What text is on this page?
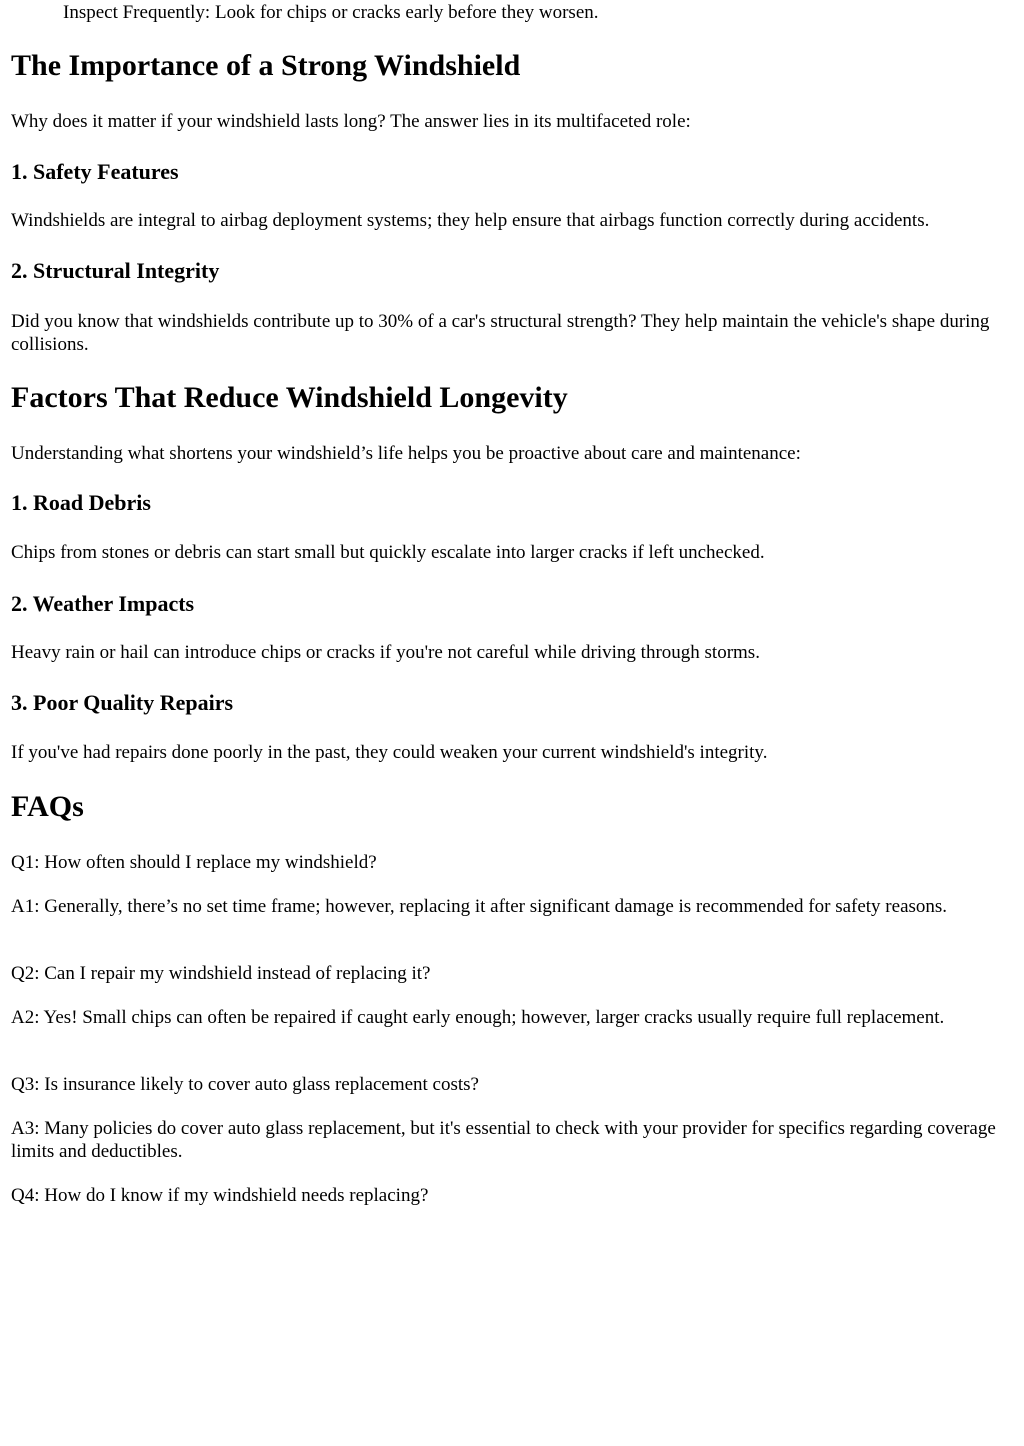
Inspect Frequently: Look for chips or cracks early before they worsen.

The Importance of a Strong Windshield

Why does it matter if your windshield lasts long? The answer lies in its multifaceted role:

1. Safety Features

Windshields are integral to airbag deployment systems; they help ensure that airbags function correctly during accidents.

2. Structural Integrity

Did you know that windshields contribute up to 30% of a car's structural strength? They help maintain the vehicle's shape during collisions.

Factors That Reduce Windshield Longevity

Understanding what shortens your windshield’s life helps you be proactive about care and maintenance:

1. Road Debris

Chips from stones or debris can start small but quickly escalate into larger cracks if left unchecked.

2. Weather Impacts

Heavy rain or hail can introduce chips or cracks if you're not careful while driving through storms.

3. Poor Quality Repairs

If you've had repairs done poorly in the past, they could weaken your current windshield's integrity.

FAQs

Q1: How often should I replace my windshield?

A1: Generally, there’s no set time frame; however, replacing it after significant damage is recommended for safety reasons.

Q2: Can I repair my windshield instead of replacing it?

A2: Yes! Small chips can often be repaired if caught early enough; however, larger cracks usually require full replacement.

Q3: Is insurance likely to cover auto glass replacement costs?

A3: Many policies do cover auto glass replacement, but it's essential to check with your provider for specifics regarding coverage limits and deductibles.

Q4: How do I know if my windshield needs replacing?
